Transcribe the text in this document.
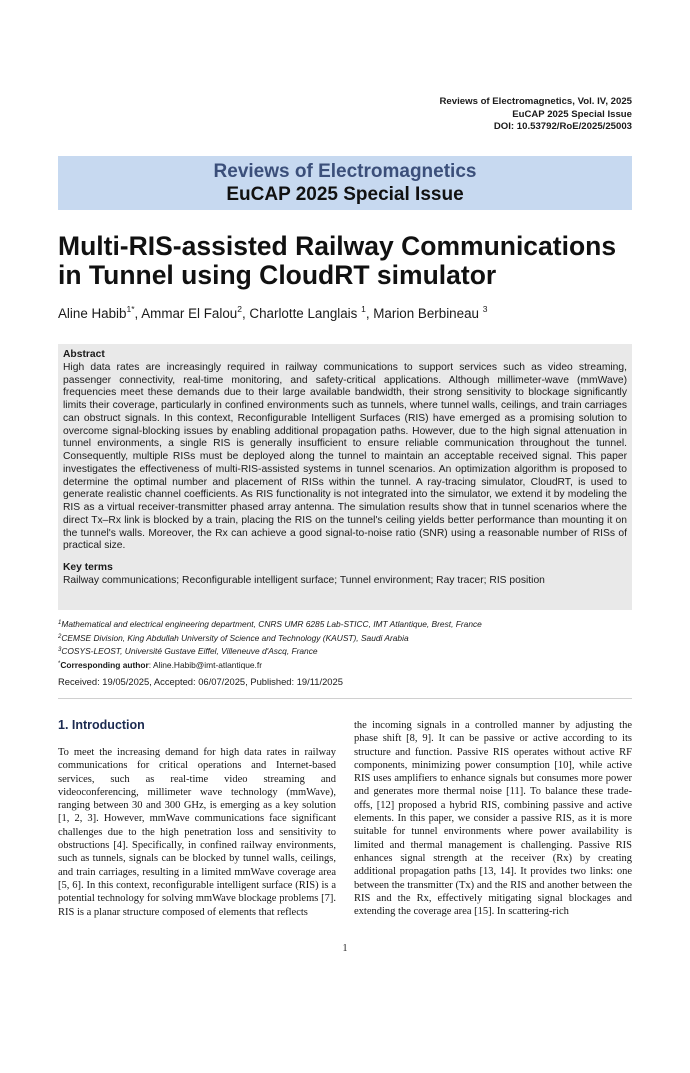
Reviews of Electromagnetics, Vol. IV, 2025
EuCAP 2025 Special Issue
DOI: 10.53792/RoE/2025/25003
Reviews of Electromagnetics
EuCAP 2025 Special Issue
Multi-RIS-assisted Railway Communications
in Tunnel using CloudRT simulator
Aline Habib$^{1*}$, Ammar El Falou$^2$, Charlotte Langlais $^1$, Marion Berbineau $^3$
Abstract

High data rates are increasingly required in railway communications to support services such as video streaming, passenger connectivity, real-time monitoring, and safety-critical applications. Although millimeter-wave (mmWave) frequencies meet these demands due to their large available bandwidth, their strong sensitivity to blockage significantly limits their coverage, particularly in confined environments such as tunnels, where tunnel walls, ceilings, and train carriages can obstruct signals. In this context, Reconfigurable Intelligent Surfaces (RIS) have emerged as a promising solution to overcome signal-blocking issues by enabling additional propagation paths. However, due to the high signal attenuation in tunnel environments, a single RIS is generally insufficient to ensure reliable communication throughout the tunnel. Consequently, multiple RISs must be deployed along the tunnel to maintain an acceptable received signal. This paper investigates the effectiveness of multi-RIS-assisted systems in tunnel scenarios. An optimization algorithm is proposed to determine the optimal number and placement of RISs within the tunnel. A ray-tracing simulator, CloudRT, is used to generate realistic channel coefficients. As RIS functionality is not integrated into the simulator, we extend it by modeling the RIS as a virtual receiver-transmitter phased array antenna. The simulation results show that in tunnel scenarios where the direct Tx–Rx link is blocked by a train, placing the RIS on the tunnel's ceiling yields better performance than mounting it on the tunnel's walls. Moreover, the Rx can achieve a good signal-to-noise ratio (SNR) using a reasonable number of RISs of practical size.

Key terms

Railway communications; Reconfigurable intelligent surface; Tunnel environment; Ray tracer; RIS position

$^1$Mathematical and electrical engineering department, CNRS UMR 6285 Lab-STICC, IMT Atlantique, Brest, France
$^2$CEMSE Division, King Abdullah University of Science and Technology (KAUST), Saudi Arabia
$^3$COSYS-LEOST, Université Gustave Eiffel, Villeneuve d'Ascq, France
*Corresponding author: Aline.Habib@imt-atlantique.fr
Received: 19/05/2025, Accepted: 06/07/2025, Published: 19/11/2025
1. Introduction

To meet the increasing demand for high data rates in railway communications for critical operations and Internet-based services, such as real-time video streaming and videoconferencing, millimeter wave technology (mmWave), ranging between 30 and 300 GHz, is emerging as a key solution [1, 2, 3]. However, mmWave communications face significant challenges due to the high penetration loss and sensitivity to obstructions [4]. Specifically, in confined railway environments, such as tunnels, signals can be blocked by tunnel walls, ceilings, and train carriages, resulting in a limited mmWave coverage area [5, 6]. In this context, reconfigurable intelligent surface (RIS) is a potential technology for solving mmWave blockage problems [7]. RIS is a planar structure composed of elements that reflects

the incoming signals in a controlled manner by adjusting the phase shift [8, 9]. It can be passive or active according to its structure and function. Passive RIS operates without active RF components, minimizing power consumption [10], while active RIS uses amplifiers to enhance signals but consumes more power and generates more thermal noise [11]. To balance these trade-offs, [12] proposed a hybrid RIS, combining passive and active elements. In this paper, we consider a passive RIS, as it is more suitable for tunnel environments where power availability is limited and thermal management is challenging. Passive RIS enhances signal strength at the receiver (Rx) by creating additional propagation paths [13, 14]. It provides two links: one between the transmitter (Tx) and the RIS and another between the RIS and the Rx, effectively mitigating signal blockages and extending the coverage area [15]. In scattering-rich

1
